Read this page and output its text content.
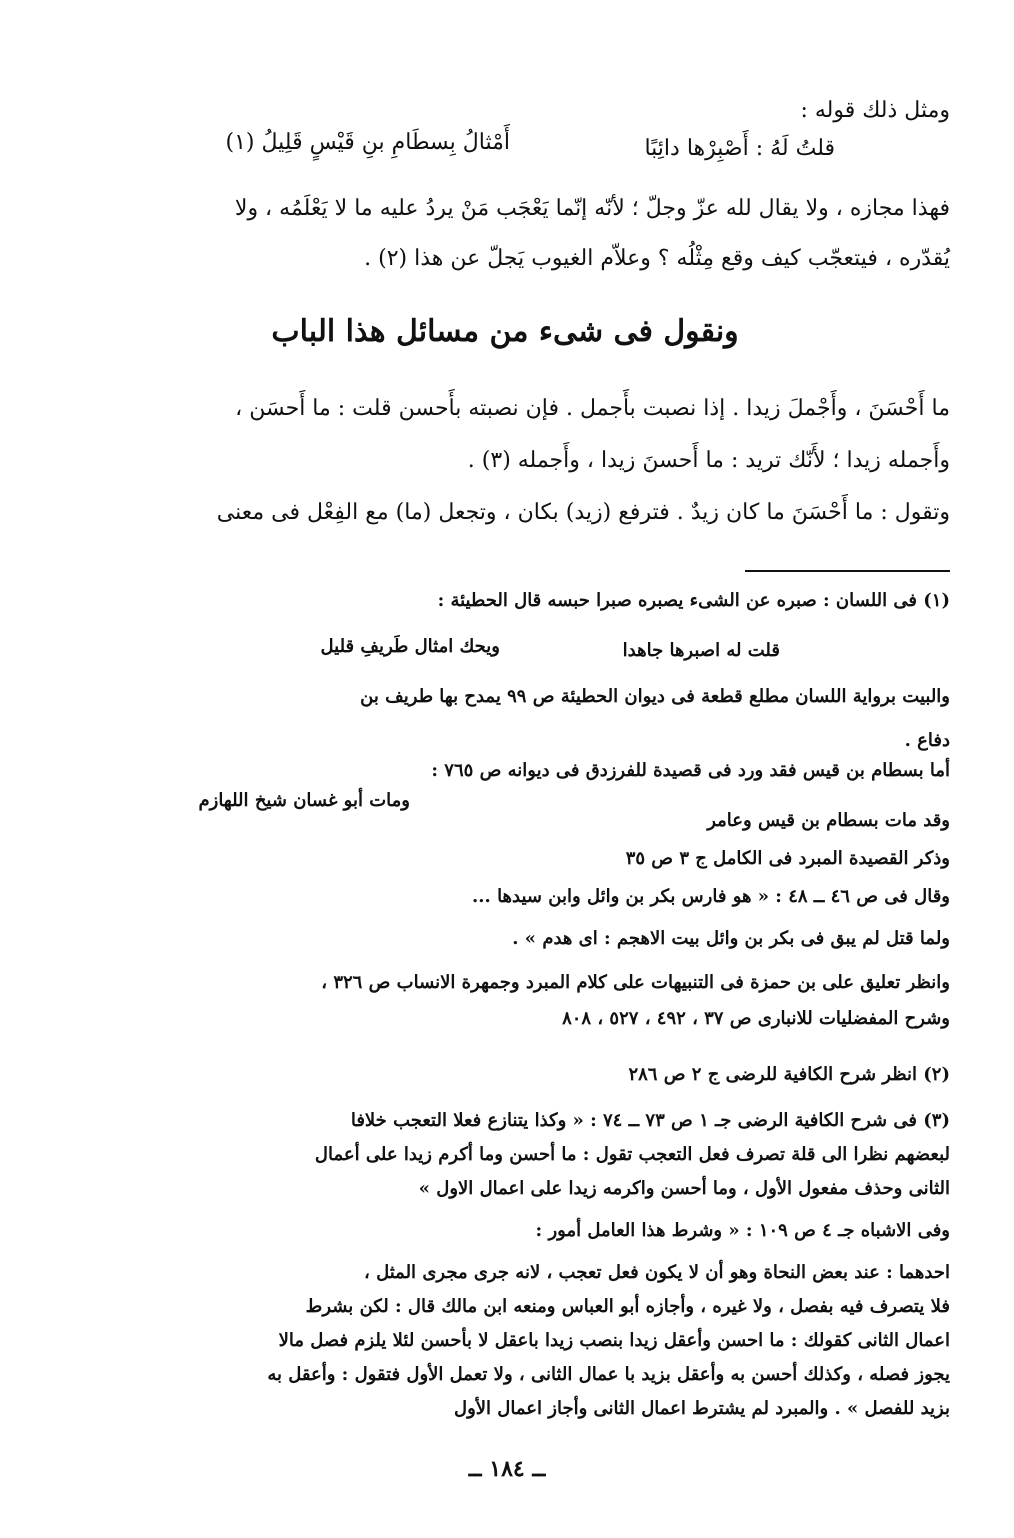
ومثل ذلك قوله :
قلتُ لَهُ : أَصْبِرْها دائِبًا
أَمْثالُ بِسطَامِ بنِ قَيْسٍ قَلِيلُ (١)
فهذا مجازه ، ولا يقال لله عزّ وجلّ ؛ لأنّه إنّما يَعْجَب مَنْ يردُ عليه ما لا يَعْلَمُه ، ولا
يُقدّره ، فيتعجّب كيف وقع مِثْلُه ؟ وعلاّم الغيوب يَجلّ عن هذا (٢) .
ونقول فى شىء من مسائل هذا الباب
ما أَحْسَنَ ، وأَجْملَ زيدا . إذا نصبت بأَجمل . فإن نصبته بأَحسن قلت : ما أَحسَن ،
وأَجمله زيدا ؛ لأَنّك تريد : ما أَحسنَ زيدا ، وأَجمله (٣) .
وتقول : ما أَحْسَنَ ما كان زيدٌ . فترفع (زيد) بكان ، وتجعل (ما) مع الفِعْل فى معنى
(١) فى اللسان : صبره عن الشىء يصبره صبرا حبسه قال الحطيئة :
قلت له اصبرها جاهدا
ويحك امثال طَريفِ قليل
والبيت برواية اللسان مطلع قطعة فى ديوان الحطيئة ص ٩٩ يمدح بها طريف بن
دفاع .
أما بسطام بن قيس فقد ورد فى قصيدة للفرزدق فى ديوانه ص ٧٦٥ :
ومات أبو غسان شيخ اللهازم
وقد مات بسطام بن قيس وعامر
وذكر القصيدة المبرد فى الكامل ج ٣ ص ٣٥
وقال فى ص ٤٦ ــ ٤٨ : « هو فارس بكر بن وائل وابن سيدها ...
ولما قتل لم يبق فى بكر بن وائل بيت الاهجم : اى هدم » .
وانظر تعليق على بن حمزة فى التنبيهات على كلام المبرد وجمهرة الانساب ص ٣٢٦ ،
وشرح المفضليات للانبارى ص ٣٧ ، ٤٩٢ ، ٥٢٧ ، ٨٠٨
(٢) انظر شرح الكافية للرضى ج ٢ ص ٢٨٦
(٣) فى شرح الكافية الرضى جـ ١ ص ٧٣ ــ ٧٤ : « وكذا يتنازع فعلا التعجب خلافا
لبعضهم نظرا الى قلة تصرف فعل التعجب تقول : ما أحسن وما أكرم زيدا على أعمال
الثانى وحذف مفعول الأول ، وما أحسن واكرمه زيدا على اعمال الاول »
وفى الاشباه جـ ٤ ص ١٠٩ : « وشرط هذا العامل أمور :
احدهما : عند بعض النحاة وهو أن لا يكون فعل تعجب ، لانه جرى مجرى المثل ،
فلا يتصرف فيه بفصل ، ولا غيره ، وأجازه أبو العباس ومنعه ابن مالك قال : لكن بشرط
اعمال الثانى كقولك : ما احسن وأعقل زيدا بنصب زيدا باعقل لا بأحسن لئلا يلزم فصل مالا
يجوز فصله ، وكذلك أحسن به وأعقل بزيد با عمال الثانى ، ولا تعمل الأول فتقول : وأعقل به
بزيد للفصل » . والمبرد لم يشترط اعمال الثانى وأجاز اعمال الأول
ــ ١٨٤ ــ
